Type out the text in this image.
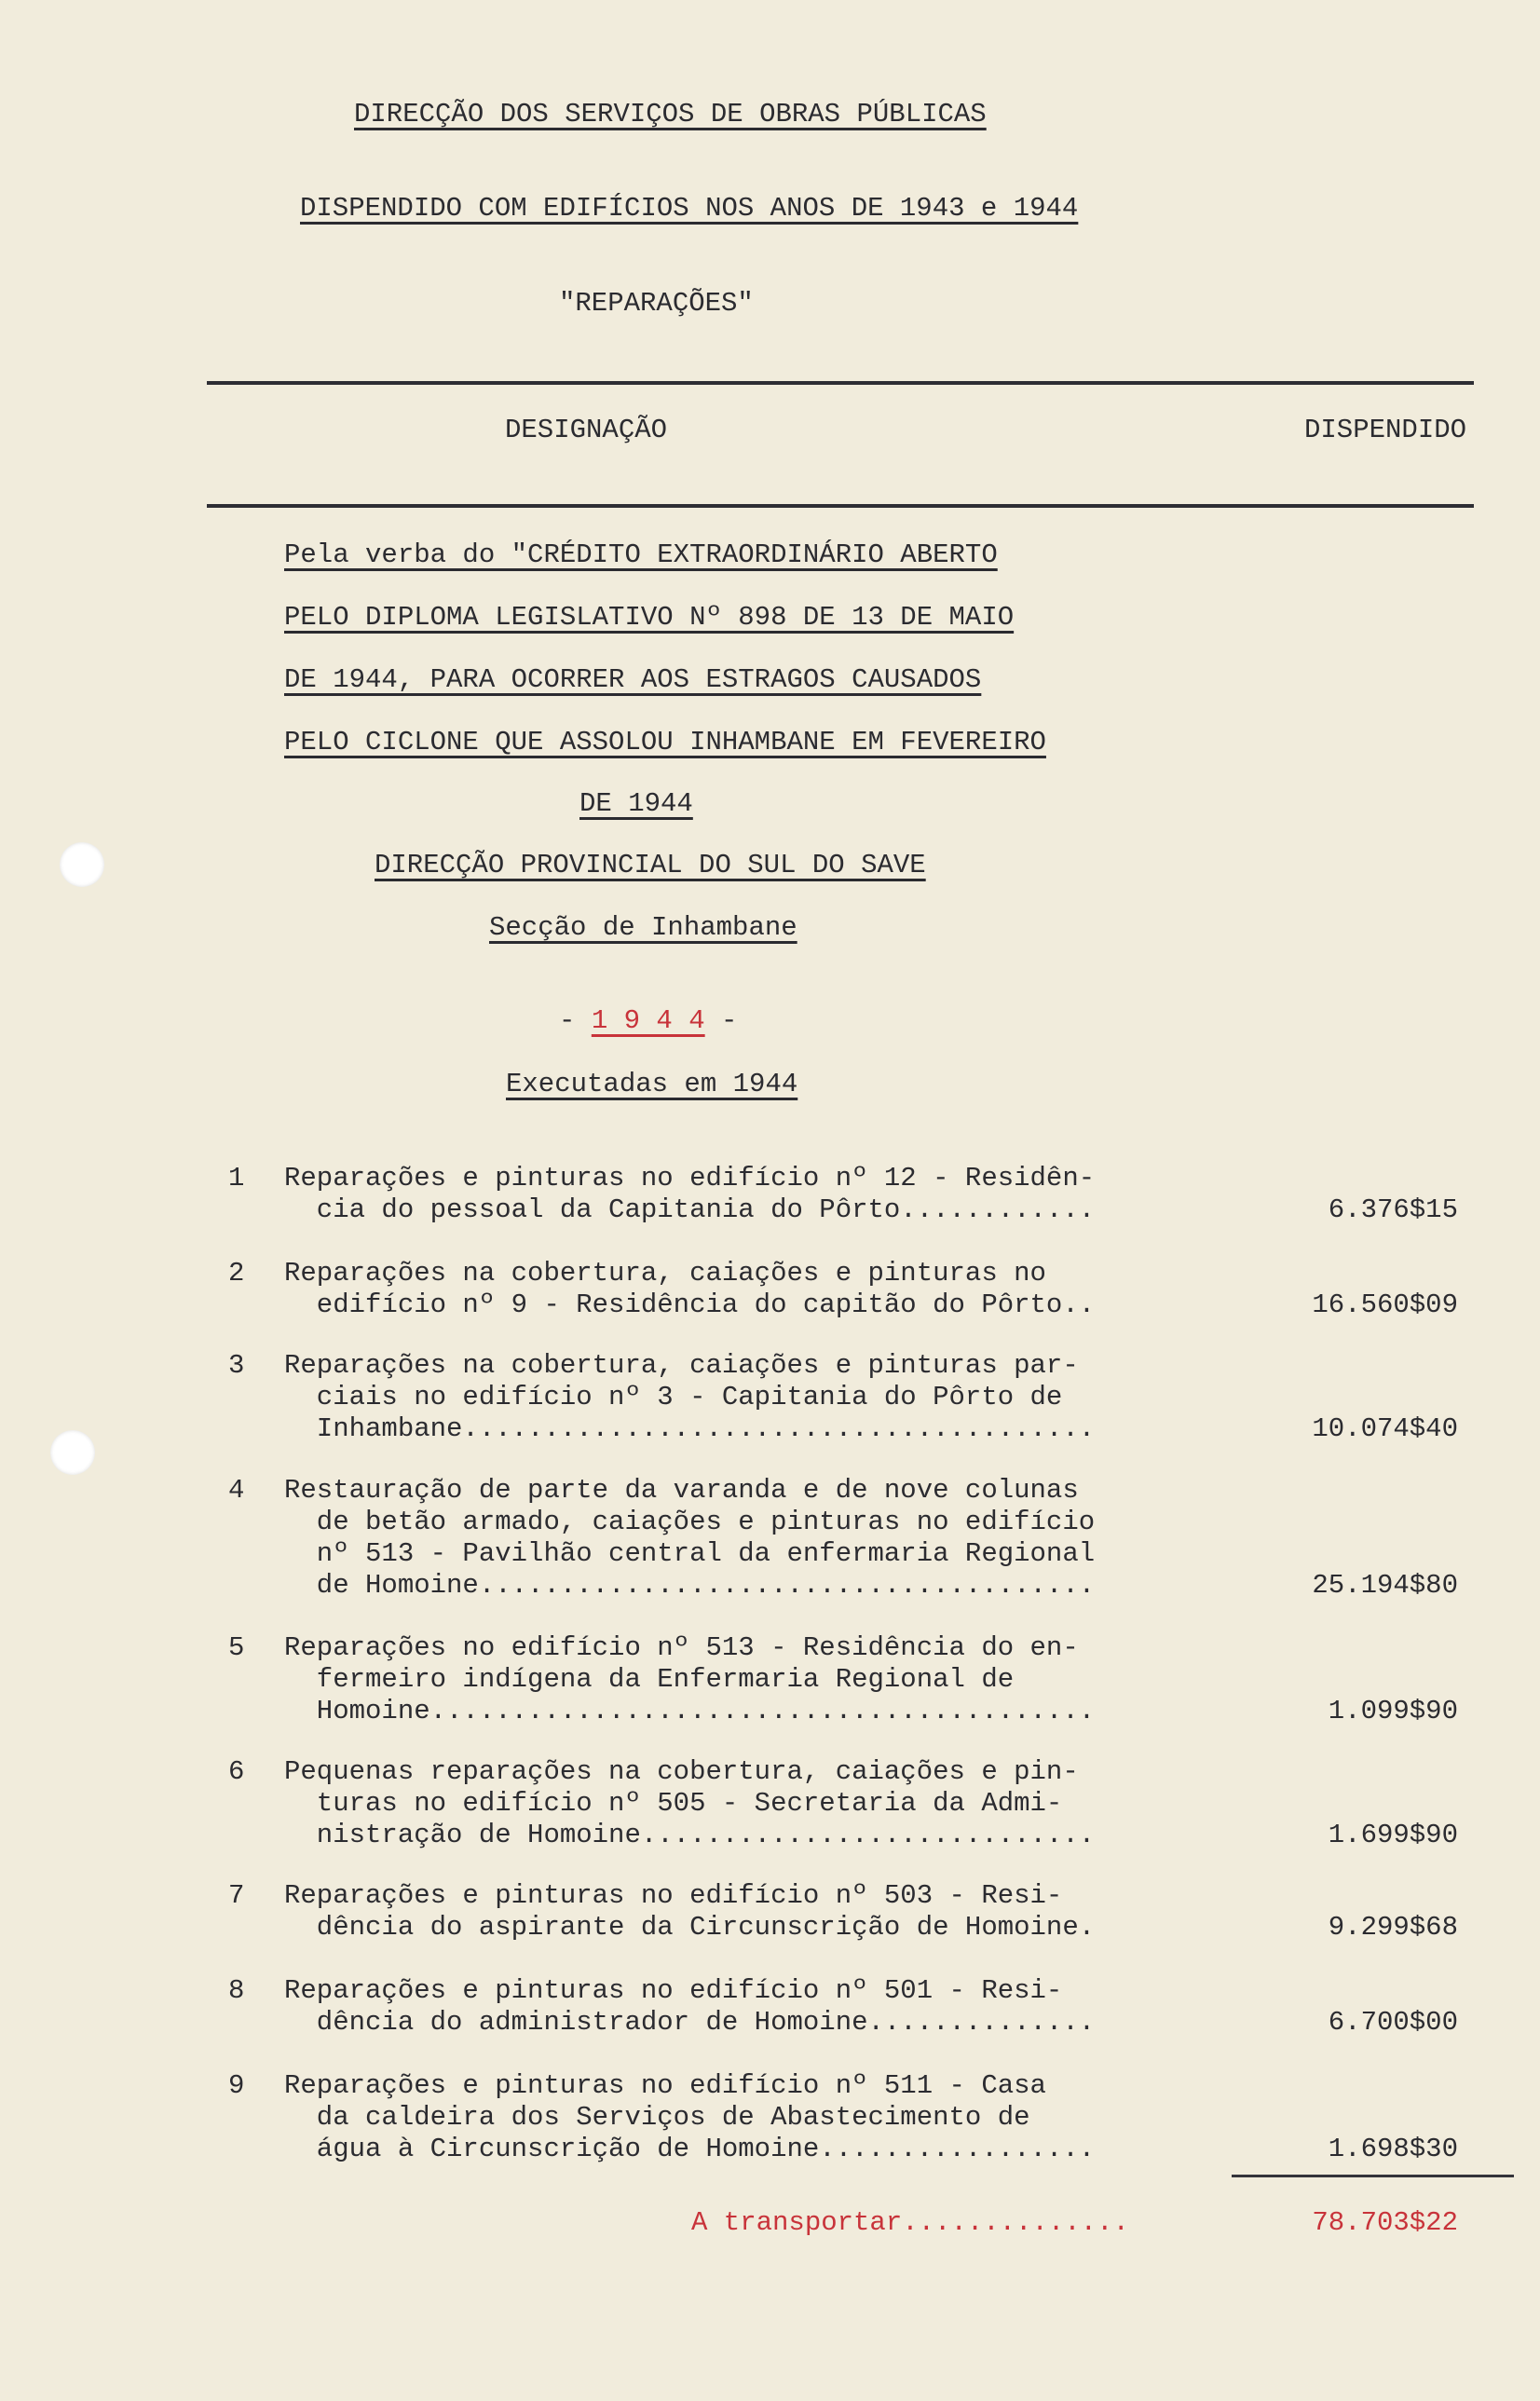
DIRECÇÃO DOS SERVIÇOS DE OBRAS PÚBLICAS
DISPENDIDO COM EDIFÍCIOS NOS ANOS DE 1943 e 1944
"REPARAÇÕES"
DESIGNAÇÃO	DISPENDIDO
Pela verba do "CRÉDITO EXTRAORDINÁRIO ABERTO
PELO DIPLOMA LEGISLATIVO Nº 898 DE 13 DE MAIO
DE 1944, PARA OCORRER AOS ESTRAGOS CAUSADOS
PELO CICLONE QUE ASSOLOU INHAMBANE EM FEVEREIRO
DE 1944
DIRECÇÃO PROVINCIAL DO SUL DO SAVE
Secção de Inhambane
- 1 9 4 4 -
Executadas em 1944
1 Reparações e pinturas no edifício nº 12 - Residên-
cia do pessoal da Capitania do Pôrto............	6.376$15
2 Reparações na cobertura, caiações e pinturas no
edifício nº 9 - Residência do capitão do Pôrto..	16.560$09
3 Reparações na cobertura, caiações e pinturas par-
ciais no edifício nº 3 - Capitania do Pôrto de
Inhambane.......................................	10.074$40
4 Restauração de parte da varanda e de nove colunas
de betão armado, caiações e pinturas no edifício
nº 513 - Pavilhão central da enfermaria Regional
de Homoine......................................	25.194$80
5 Reparações no edifício nº 513 - Residência do en-
fermeiro indígena da Enfermaria Regional de
Homoine.........................................	1.099$90
6 Pequenas reparações na cobertura, caiações e pin-
turas no edifício nº 505 - Secretaria da Admi-
nistração de Homoine............................	1.699$90
7 Reparações e pinturas no edifício nº 503 - Resi-
dência do aspirante da Circunscrição de Homoine.	9.299$68
8 Reparações e pinturas no edifício nº 501 - Resi-
dência do administrador de Homoine..............	6.700$00
9 Reparações e pinturas no edifício nº 511 - Casa
da caldeira dos Serviços de Abastecimento de
água à Circunscrição de Homoine.................	1.698$30
A transportar..............	78.703$22
